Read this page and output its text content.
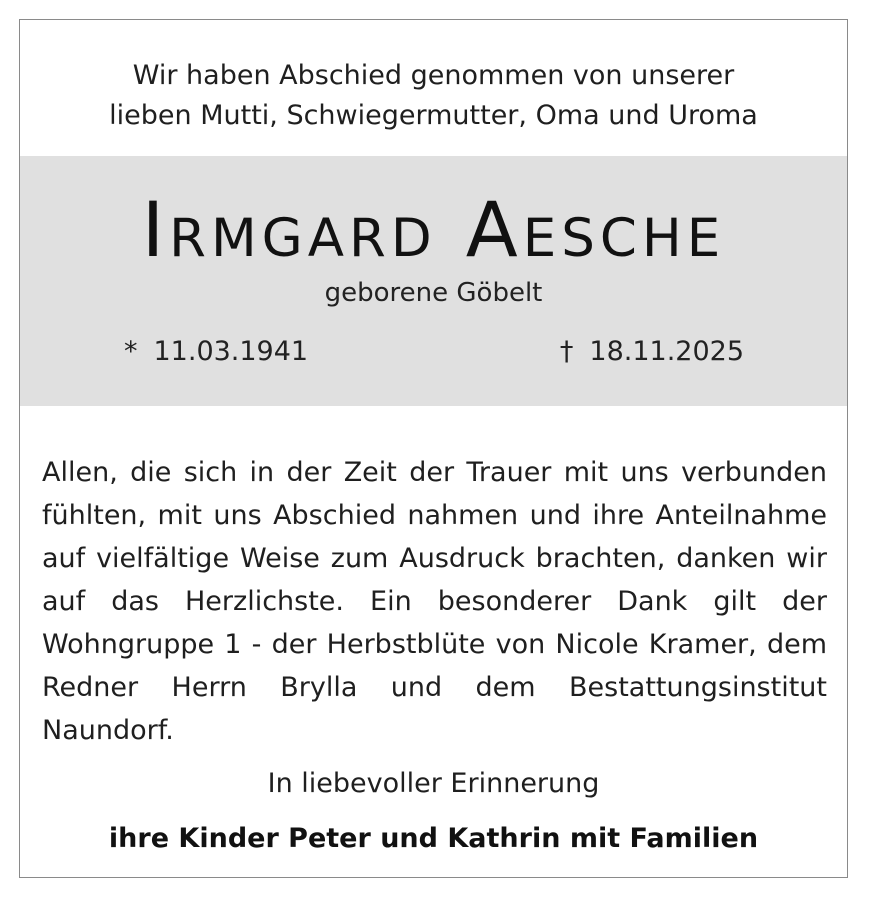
Wir haben Abschied genommen von unserer
lieben Mutti, Schwiegermutter, Oma und Uroma
Irmgard Aesche
geborene Göbelt
* 11.03.1941	† 18.11.2025
Allen, die sich in der Zeit der Trauer mit uns verbunden fühlten, mit uns Abschied nahmen und ihre Anteilnahme auf vielfältige Weise zum Ausdruck brachten, danken wir auf das Herzlichste. Ein besonderer Dank gilt der Wohngruppe 1 - der Herbstblüte von Nicole Kramer, dem Redner Herrn Brylla und dem Bestattungsinstitut Naundorf.
In liebevoller Erinnerung
ihre Kinder Peter und Kathrin mit Familien
